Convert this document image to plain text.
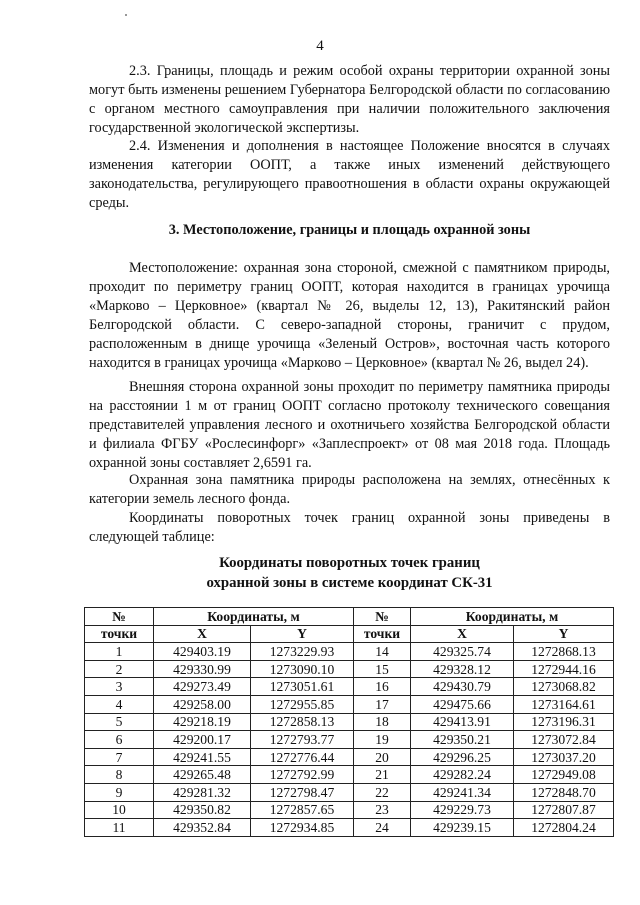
4

2.3. Границы, площадь и режим особой охраны территории охранной зоны могут быть изменены решением Губернатора Белгородской области по согласованию с органом местного самоуправления при наличии положительного заключения государственной экологической экспертизы.

2.4. Изменения и дополнения в настоящее Положение вносятся в случаях изменения категории ООПТ, а также иных изменений действующего законодательства, регулирующего правоотношения в области охраны окружающей среды.

3. Местоположение, границы и площадь охранной зоны

Местоположение: охранная зона стороной, смежной с памятником природы, проходит по периметру границ ООПТ, которая находится в границах урочища «Марково – Церковное» (квартал № 26, выделы 12, 13), Ракитянский район Белгородской области. С северо-западной стороны, граничит с прудом, расположенным в днище урочища «Зеленый Остров», восточная часть которого находится в границах урочища «Марково – Церковное» (квартал № 26, выдел 24).

Внешняя сторона охранной зоны проходит по периметру памятника природы на расстоянии 1 м от границ ООПТ согласно протоколу технического совещания представителей управления лесного и охотничьего хозяйства Белгородской области и филиала ФГБУ «Рослесинфорг» «Заплеспроект» от 08 мая 2018 года. Площадь охранной зоны составляет 2,6591 га.

Охранная зона памятника природы расположена на землях, отнесённых к категории земель лесного фонда.

Координаты поворотных точек границ охранной зоны приведены в следующей таблице:

Координаты поворотных точек границ
охранной зоны в системе координат СК-31
№	Координаты, м		№	Координаты, м	
точки	X	Y	точки	X	Y
1	429403.19	1273229.93	14	429325.74	1272868.13
2	429330.99	1273090.10	15	429328.12	1272944.16
3	429273.49	1273051.61	16	429430.79	1273068.82
4	429258.00	1272955.85	17	429475.66	1273164.61
5	429218.19	1272858.13	18	429413.91	1273196.31
6	429200.17	1272793.77	19	429350.21	1273072.84
7	429241.55	1272776.44	20	429296.25	1273037.20
8	429265.48	1272792.99	21	429282.24	1272949.08
9	429281.32	1272798.47	22	429241.34	1272848.70
10	429350.82	1272857.65	23	429229.73	1272807.87
11	429352.84	1272934.85	24	429239.15	1272804.24
